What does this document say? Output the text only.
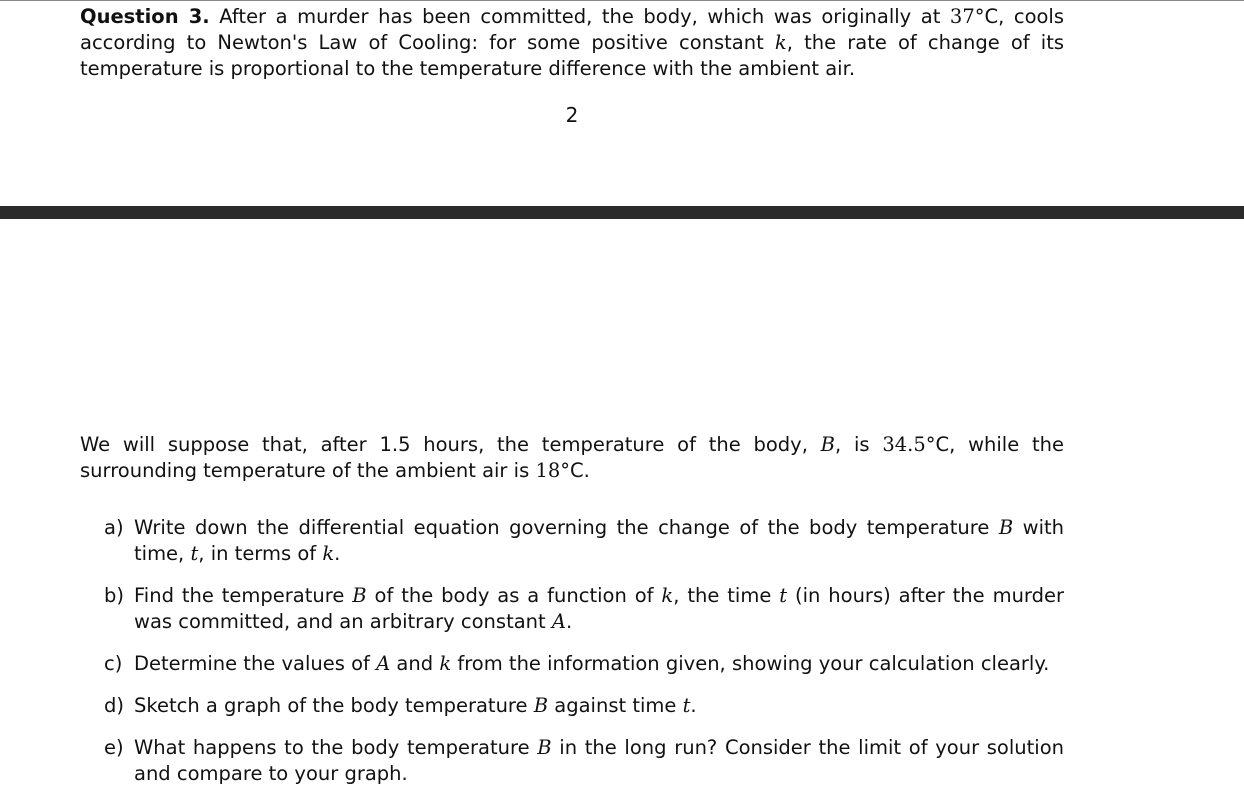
Question 3. After a murder has been committed, the body, which was originally at 37°C, cools according to Newton's Law of Cooling: for some positive constant k, the rate of change of its temperature is proportional to the temperature difference with the ambient air.
2
We will suppose that, after 1.5 hours, the temperature of the body, B, is 34.5°C, while the surrounding temperature of the ambient air is 18°C.
a) Write down the differential equation governing the change of the body temperature B with time, t, in terms of k.
b) Find the temperature B of the body as a function of k, the time t (in hours) after the murder was committed, and an arbitrary constant A.
c) Determine the values of A and k from the information given, showing your calculation clearly.
d) Sketch a graph of the body temperature B against time t.
e) What happens to the body temperature B in the long run? Consider the limit of your solution and compare to your graph.
